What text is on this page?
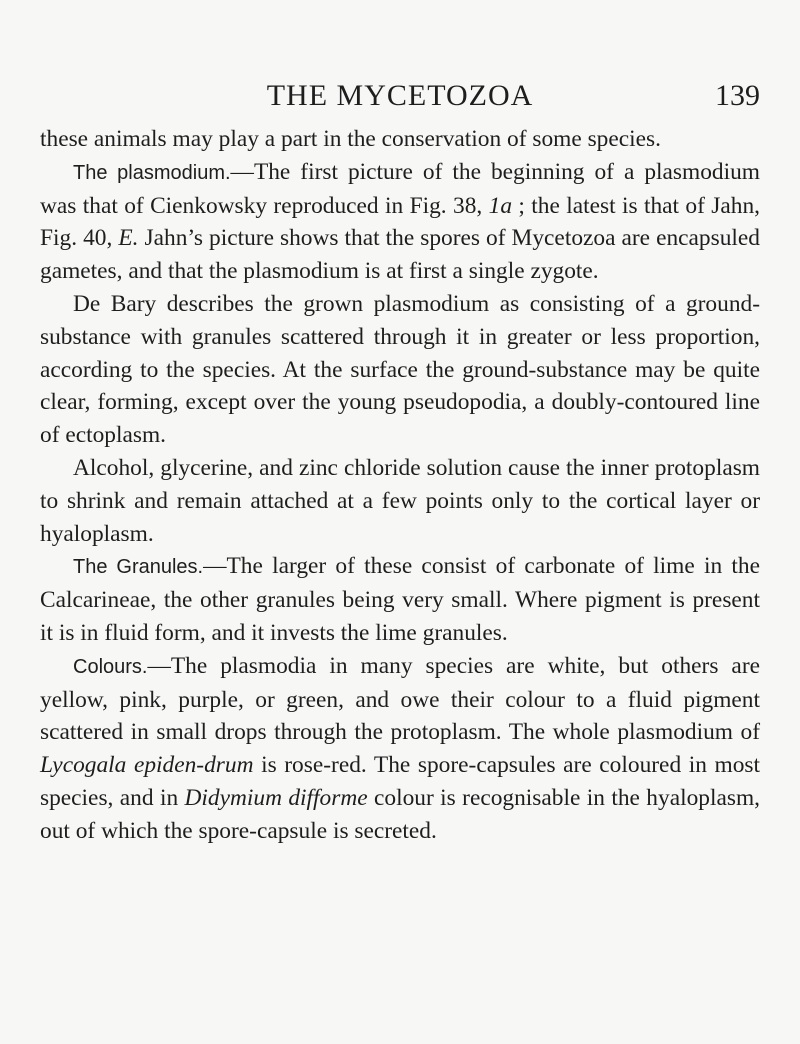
THE MYCETOZOA	139

these animals may play a part in the conservation of some species.

The plasmodium.—The first picture of the beginning of a plasmodium was that of Cienkowsky reproduced in Fig. 38, 1a ; the latest is that of Jahn, Fig. 40, E. Jahn’s picture shows that the spores of Mycetozoa are encapsuled gametes, and that the plasmodium is at first a single zygote.

De Bary describes the grown plasmodium as consisting of a ground-substance with granules scattered through it in greater or less proportion, according to the species. At the surface the ground-substance may be quite clear, forming, except over the young pseudopodia, a doubly-contoured line of ectoplasm.

Alcohol, glycerine, and zinc chloride solution cause the inner protoplasm to shrink and remain attached at a few points only to the cortical layer or hyaloplasm.

The Granules.—The larger of these consist of carbonate of lime in the Calcarineae, the other granules being very small. Where pigment is present it is in fluid form, and it invests the lime granules.

Colours.—The plasmodia in many species are white, but others are yellow, pink, purple, or green, and owe their colour to a fluid pigment scattered in small drops through the protoplasm. The whole plasmodium of Lycogala epiden-drum is rose-red. The spore-capsules are coloured in most species, and in Didymium difforme colour is recognisable in the hyaloplasm, out of which the spore-capsule is secreted.
